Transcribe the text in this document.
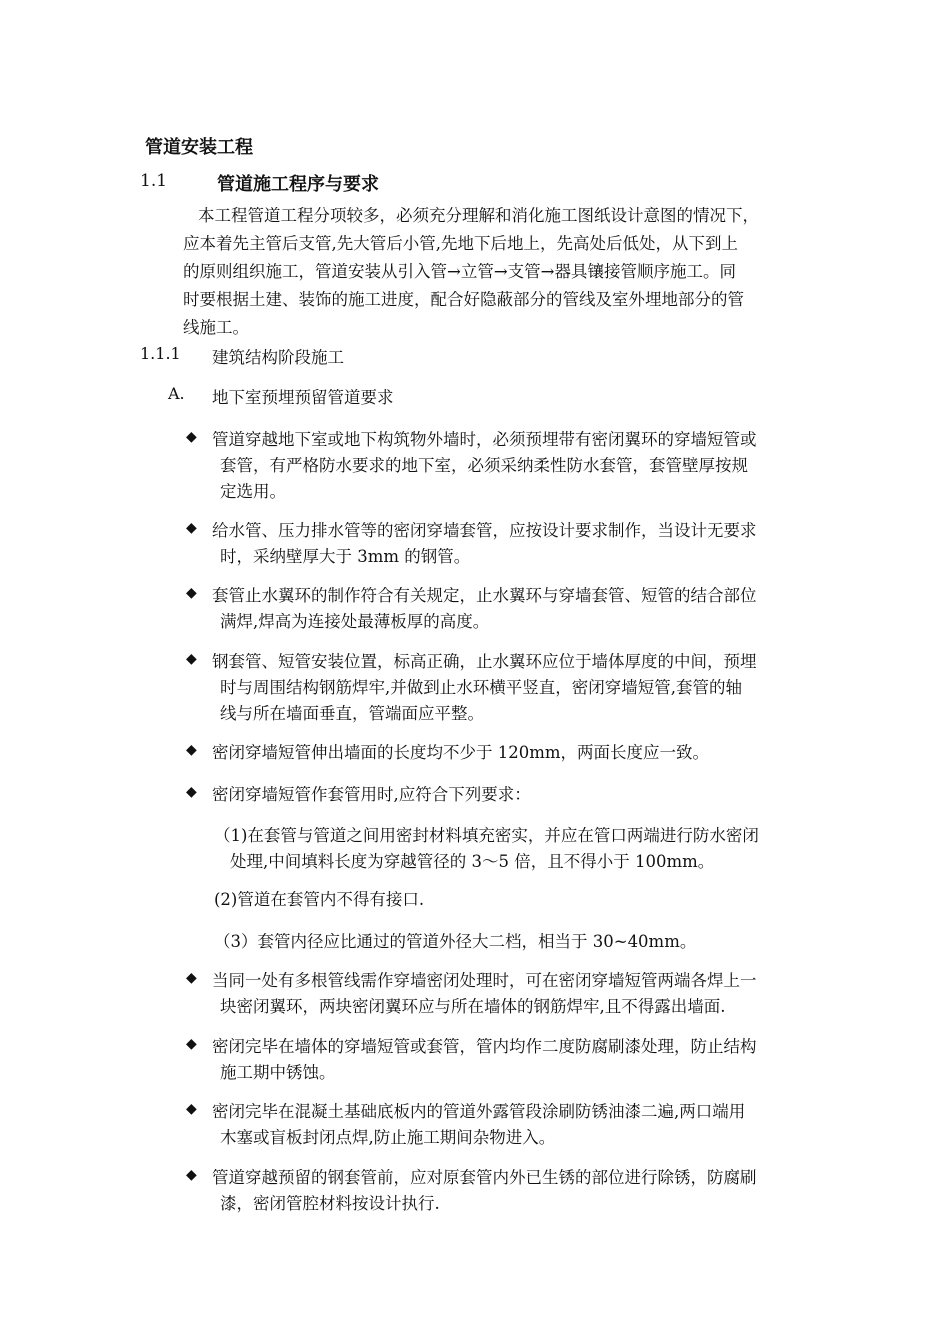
管道安装工程
1.1	管道施工程序与要求
本工程管道工程分项较多，必须充分理解和消化施工图纸设计意图的情况下，
应本着先主管后支管,先大管后小管,先地下后地上，先高处后低处，从下到上
的原则组织施工，管道安装从引入管→立管→支管→器具镶接管顺序施工。同
时要根据土建、装饰的施工进度，配合好隐蔽部分的管线及室外埋地部分的管
线施工。
1.1.1 建筑结构阶段施工
A. 地下室预埋预留管道要求
◆ 管道穿越地下室或地下构筑物外墙时，必须预埋带有密闭翼环的穿墙短管或
套管，有严格防水要求的地下室，必须采纳柔性防水套管，套管壁厚按规
定选用。
◆ 给水管、压力排水管等的密闭穿墙套管，应按设计要求制作，当设计无要求
时，采纳壁厚大于 3mm 的钢管。
◆ 套管止水翼环的制作符合有关规定，止水翼环与穿墙套管、短管的结合部位
满焊,焊高为连接处最薄板厚的高度。
◆ 钢套管、短管安装位置，标高正确，止水翼环应位于墙体厚度的中间，预埋
时与周围结构钢筋焊牢,并做到止水环横平竖直，密闭穿墙短管,套管的轴
线与所在墙面垂直，管端面应平整。
◆ 密闭穿墙短管伸出墙面的长度均不少于 120mm，两面长度应一致。
◆ 密闭穿墙短管作套管用时,应符合下列要求：
（1)在套管与管道之间用密封材料填充密实，并应在管口两端进行防水密闭
处理,中间填料长度为穿越管径的 3～5 倍，且不得小于 100mm。
(2)管道在套管内不得有接口.
（3）套管内径应比通过的管道外径大二档，相当于 30~40mm。
◆ 当同一处有多根管线需作穿墙密闭处理时，可在密闭穿墙短管两端各焊上一
块密闭翼环，两块密闭翼环应与所在墙体的钢筋焊牢,且不得露出墙面.
◆ 密闭完毕在墙体的穿墙短管或套管，管内均作二度防腐刷漆处理，防止结构
施工期中锈蚀。
◆ 密闭完毕在混凝土基础底板内的管道外露管段涂刷防锈油漆二遍,两口端用
木塞或盲板封闭点焊,防止施工期间杂物进入。
◆ 管道穿越预留的钢套管前，应对原套管内外已生锈的部位进行除锈，防腐刷
漆，密闭管腔材料按设计执行.
